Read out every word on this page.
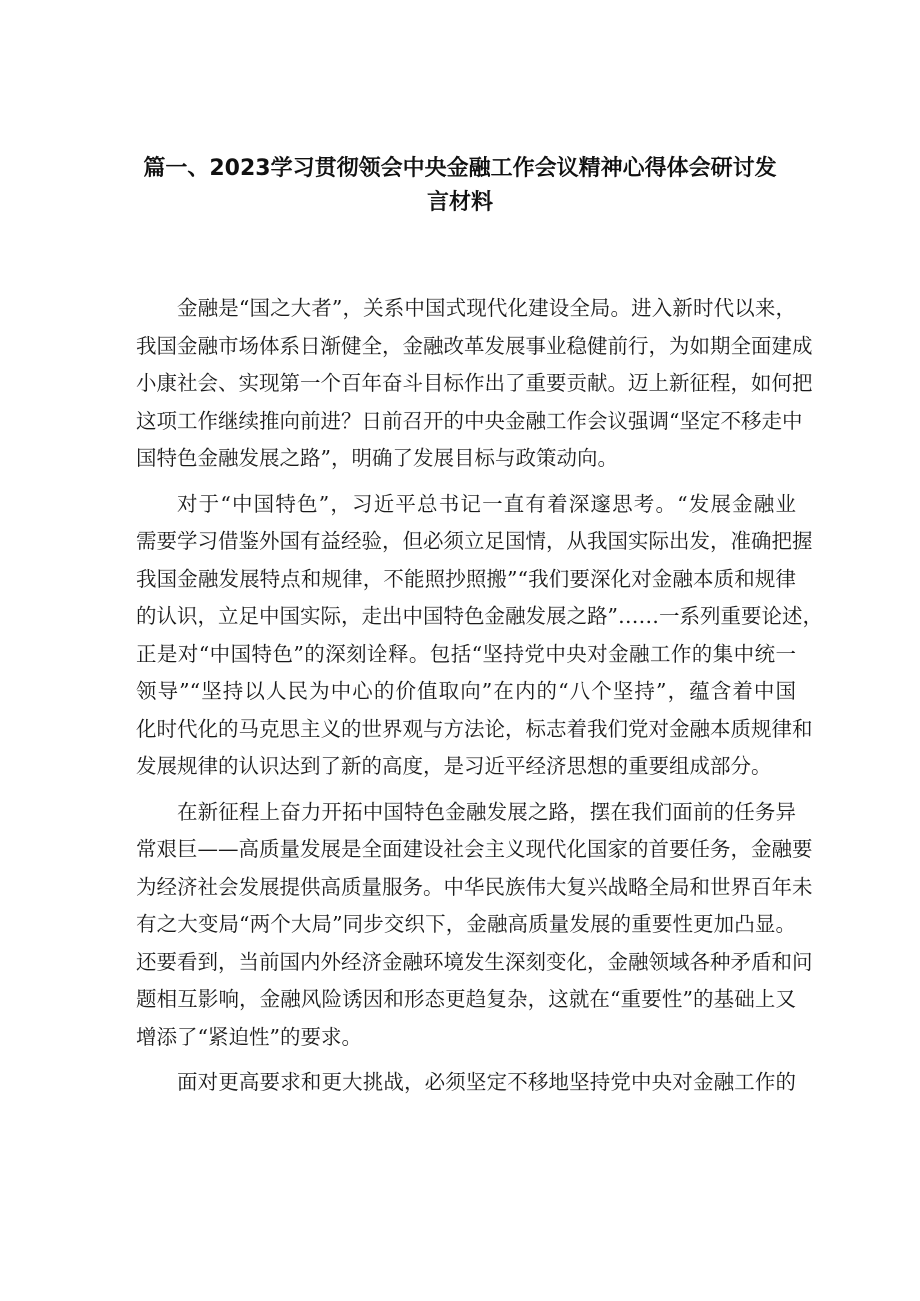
篇一、2023学习贯彻领会中央金融工作会议精神心得体会研讨发
言材料
金融是“国之大者”，关系中国式现代化建设全局。进入新时代以来，
我国金融市场体系日渐健全，金融改革发展事业稳健前行，为如期全面建成
小康社会、实现第一个百年奋斗目标作出了重要贡献。迈上新征程，如何把
这项工作继续推向前进？日前召开的中央金融工作会议强调“坚定不移走中
国特色金融发展之路”，明确了发展目标与政策动向。
对于“中国特色”，习近平总书记一直有着深邃思考。“发展金融业
需要学习借鉴外国有益经验，但必须立足国情，从我国实际出发，准确把握
我国金融发展特点和规律，不能照抄照搬”“我们要深化对金融本质和规律
的认识，立足中国实际，走出中国特色金融发展之路”……一系列重要论述，
正是对“中国特色”的深刻诠释。包括“坚持党中央对金融工作的集中统一
领导”“坚持以人民为中心的价值取向”在内的“八个坚持”，蕴含着中国
化时代化的马克思主义的世界观与方法论，标志着我们党对金融本质规律和
发展规律的认识达到了新的高度，是习近平经济思想的重要组成部分。
在新征程上奋力开拓中国特色金融发展之路，摆在我们面前的任务异
常艰巨——高质量发展是全面建设社会主义现代化国家的首要任务，金融要
为经济社会发展提供高质量服务。中华民族伟大复兴战略全局和世界百年未
有之大变局“两个大局”同步交织下，金融高质量发展的重要性更加凸显。
还要看到，当前国内外经济金融环境发生深刻变化，金融领域各种矛盾和问
题相互影响，金融风险诱因和形态更趋复杂，这就在“重要性”的基础上又
增添了“紧迫性”的要求。
面对更高要求和更大挑战，必须坚定不移地坚持党中央对金融工作的
